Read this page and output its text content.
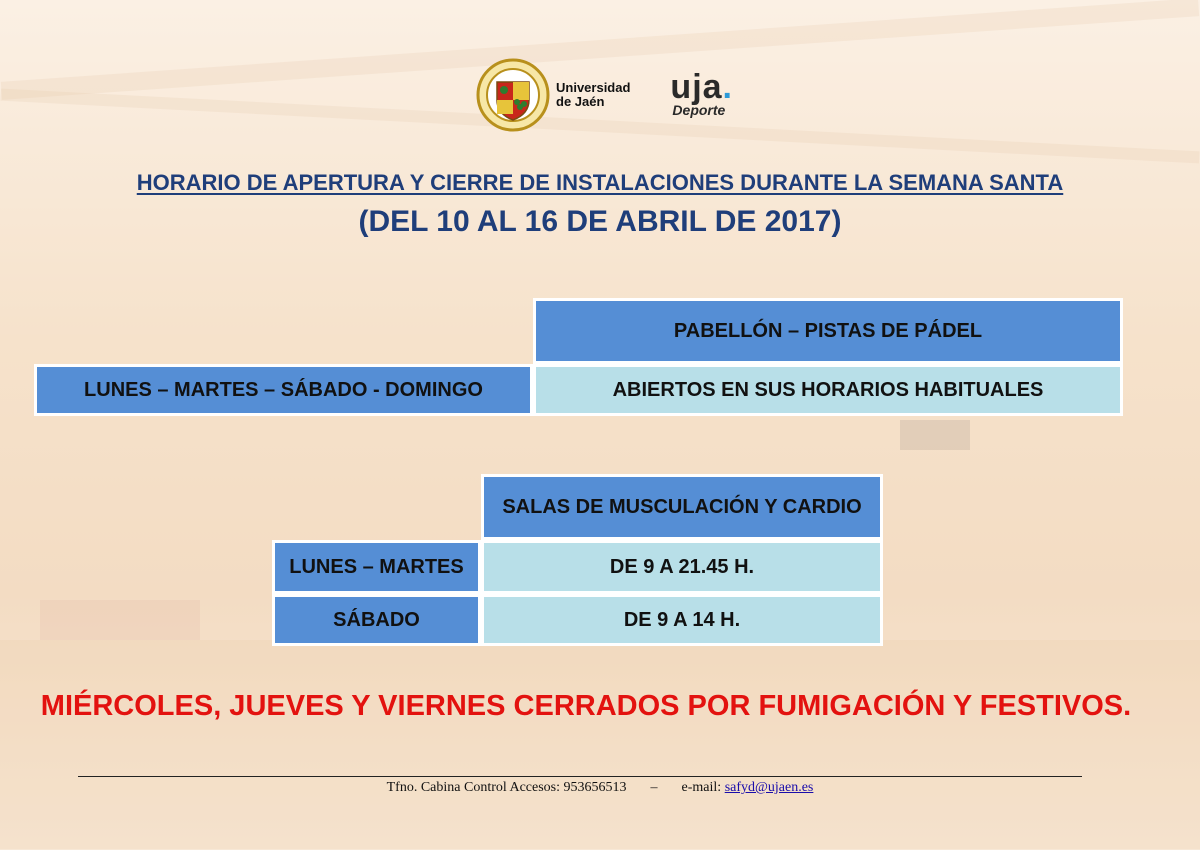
Universidad
de Jaén	uja.
Deporte
HORARIO DE APERTURA Y CIERRE DE INSTALACIONES DURANTE LA SEMANA SANTA
(DEL 10 AL 16 DE ABRIL DE 2017)
PABELLÓN – PISTAS DE PÁDEL
LUNES – MARTES – SÁBADO - DOMINGO	ABIERTOS EN SUS HORARIOS HABITUALES
SALAS DE MUSCULACIÓN Y CARDIO
LUNES – MARTES	DE 9 A 21.45 H.
SÁBADO	DE 9 A 14 H.
MIÉRCOLES, JUEVES Y VIERNES CERRADOS POR FUMIGACIÓN Y FESTIVOS.
Tfno. Cabina Control Accesos: 953656513 – e-mail: safyd@ujaen.es
